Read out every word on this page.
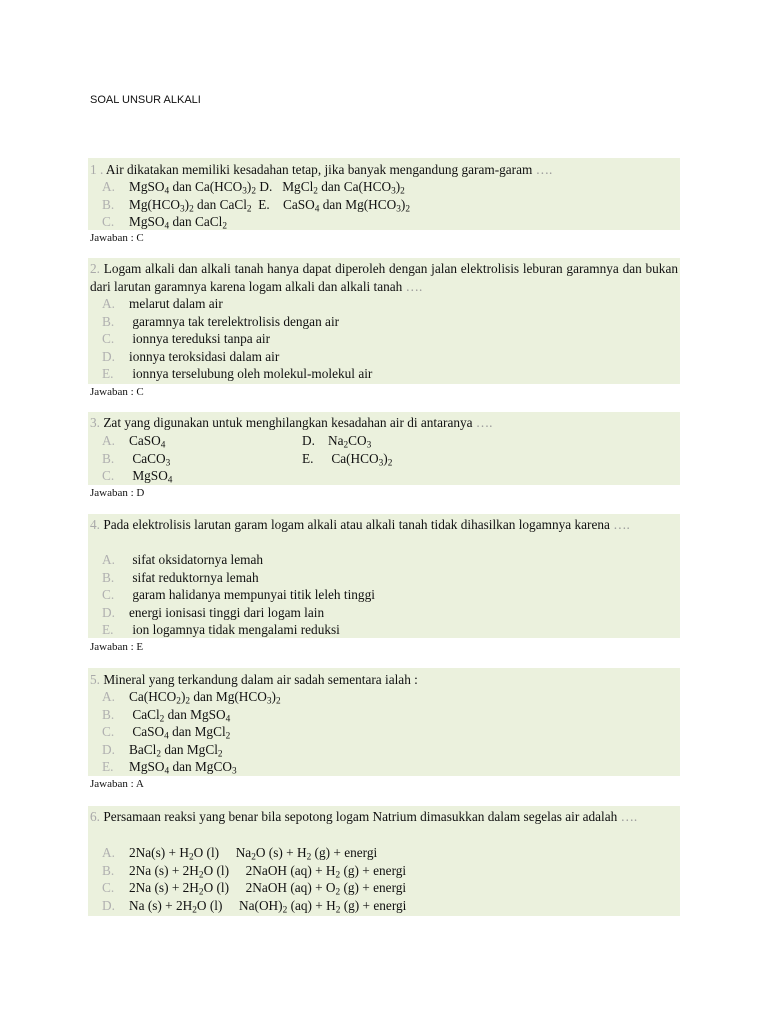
SOAL UNSUR ALKALI
1 . Air dikatakan memiliki kesadahan tetap, jika banyak mengandung garam-garam ….
A. MgSO$_4$ dan $Ca(HCO_3)_2$ D.   MgCl$_2$ dan $Ca(HCO_3)_2$
B. $Mg(HCO_3)_2$ dan CaCl$_2$  E.    CaSO$_4$ dan $Mg(HCO_3)_2$
C. MgSO$_4$ dan CaCl$_2$
Jawaban : C
2. Logam alkali dan alkali tanah hanya dapat diperoleh dengan jalan elektrolisis leburan garamnya dan bukan dari larutan garamnya karena logam alkali dan alkali tanah ….
A. melarut dalam air
B. garamnya tak terelektrolisis dengan air
C. ionnya tereduksi tanpa air
D. ionnya teroksidasi dalam air
E. ionnya terselubung oleh molekul-molekul air
Jawaban : C
3. Zat yang digunakan untuk menghilangkan kesadahan air di antaranya ….
A. CaSO$_4$
B. CaCO$_3$
C. MgSO$_4$
D. $Na_2CO_3$
E. $Ca(HCO_3)_2$
Jawaban : D
4. Pada elektrolisis larutan garam logam alkali atau alkali tanah tidak dihasilkan logamnya karena ….
A. sifat oksidatornya lemah
B. sifat reduktornya lemah
C. garam halidanya mempunyai titik leleh tinggi
D. energi ionisasi tinggi dari logam lain
E. ion logamnya tidak mengalami reduksi
Jawaban : E
5. Mineral yang terkandung dalam air sadah sementara ialah :
A. $Ca(HCO_2)_2$ dan $Mg(HCO_3)_2$
B. CaCl$_2$ dan MgSO$_4$
C. CaSO$_4$ dan MgCl$_2$
D. BaCl$_2$ dan MgCl$_2$
E. MgSO$_4$ dan MgCO$_3$
Jawaban : A
6. Persamaan reaksi yang benar bila sepotong logam Natrium dimasukkan dalam segelas air adalah ….
A. $2Na(s) + H_2O$ (l)     $Na_2O$ $(s) + H_2$ (g) + energi
B. 2Na $(s) + 2H_2O$ (l)     2NaOH $(aq) + H_2$ (g) + energi
C. 2Na $(s) + 2H_2O$ (l)     2NaOH $(aq) + O_2$ (g) + energi
D. Na $(s) + 2H_2O$ (l)     $Na(OH)_2$ $(aq) + H_2$ (g) + energi
